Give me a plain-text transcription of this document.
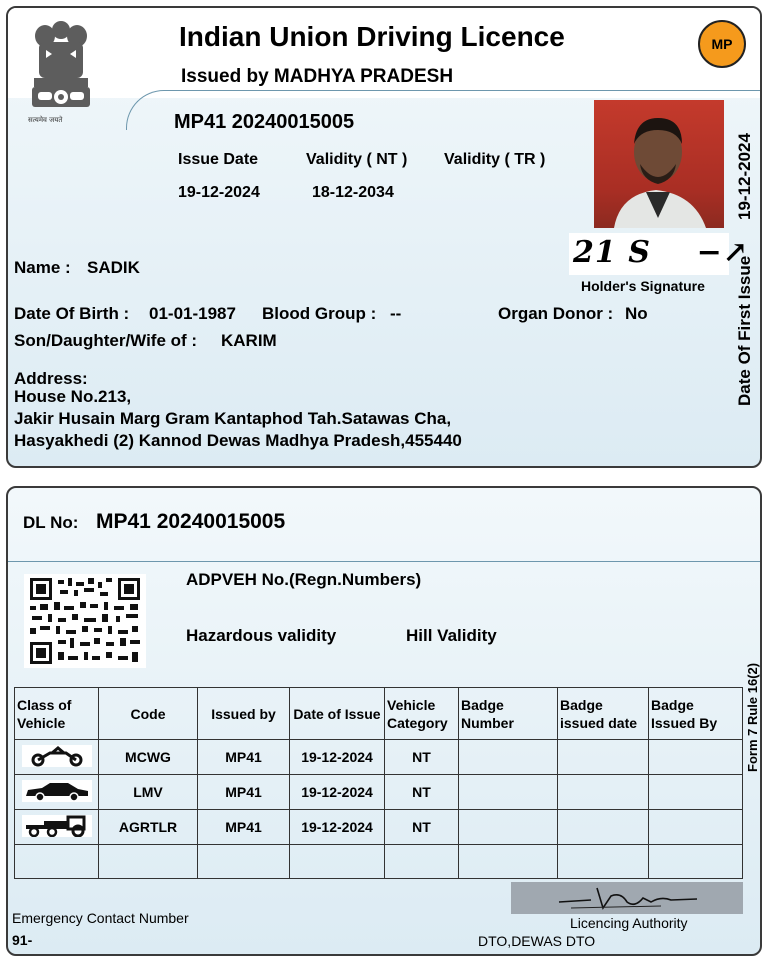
सत्यमेव जयते
Indian Union Driving Licence
Issued by MADHYA PRADESH
MP
MP41 20240015005
Issue Date	Validity ( NT ) Validity ( TR )
19-12-2024	18-12-2034
21 S    −↗
Holder's Signature
Name : SADIK
Date Of Birth : 01-01-1987 Blood Group : --	Organ Donor : No
Son/Daughter/Wife of : KARIM
Address:
House No.213,
Jakir Husain Marg Gram Kantaphod Tah.Satawas Cha,
Hasyakhedi (2) Kannod Dewas Madhya Pradesh,455440
Date Of First Issue
19-12-2024
DL No: MP41 20240015005
ADPVEH No.(Regn.Numbers)
Hazardous validity	Hill Validity
Form 7 Rule 16(2)
Class of Vehicle	Code	Issued by	Date of Issue	Vehicle Category	Badge Number	Badge issued date	Badge Issued By
	MCWG	MP41	19-12-2024	NT			
	LMV	MP41	19-12-2024	NT			
	AGRTLR	MP41	19-12-2024	NT			

Emergency Contact Number
91-
Licencing Authority
DTO,DEWAS DTO
